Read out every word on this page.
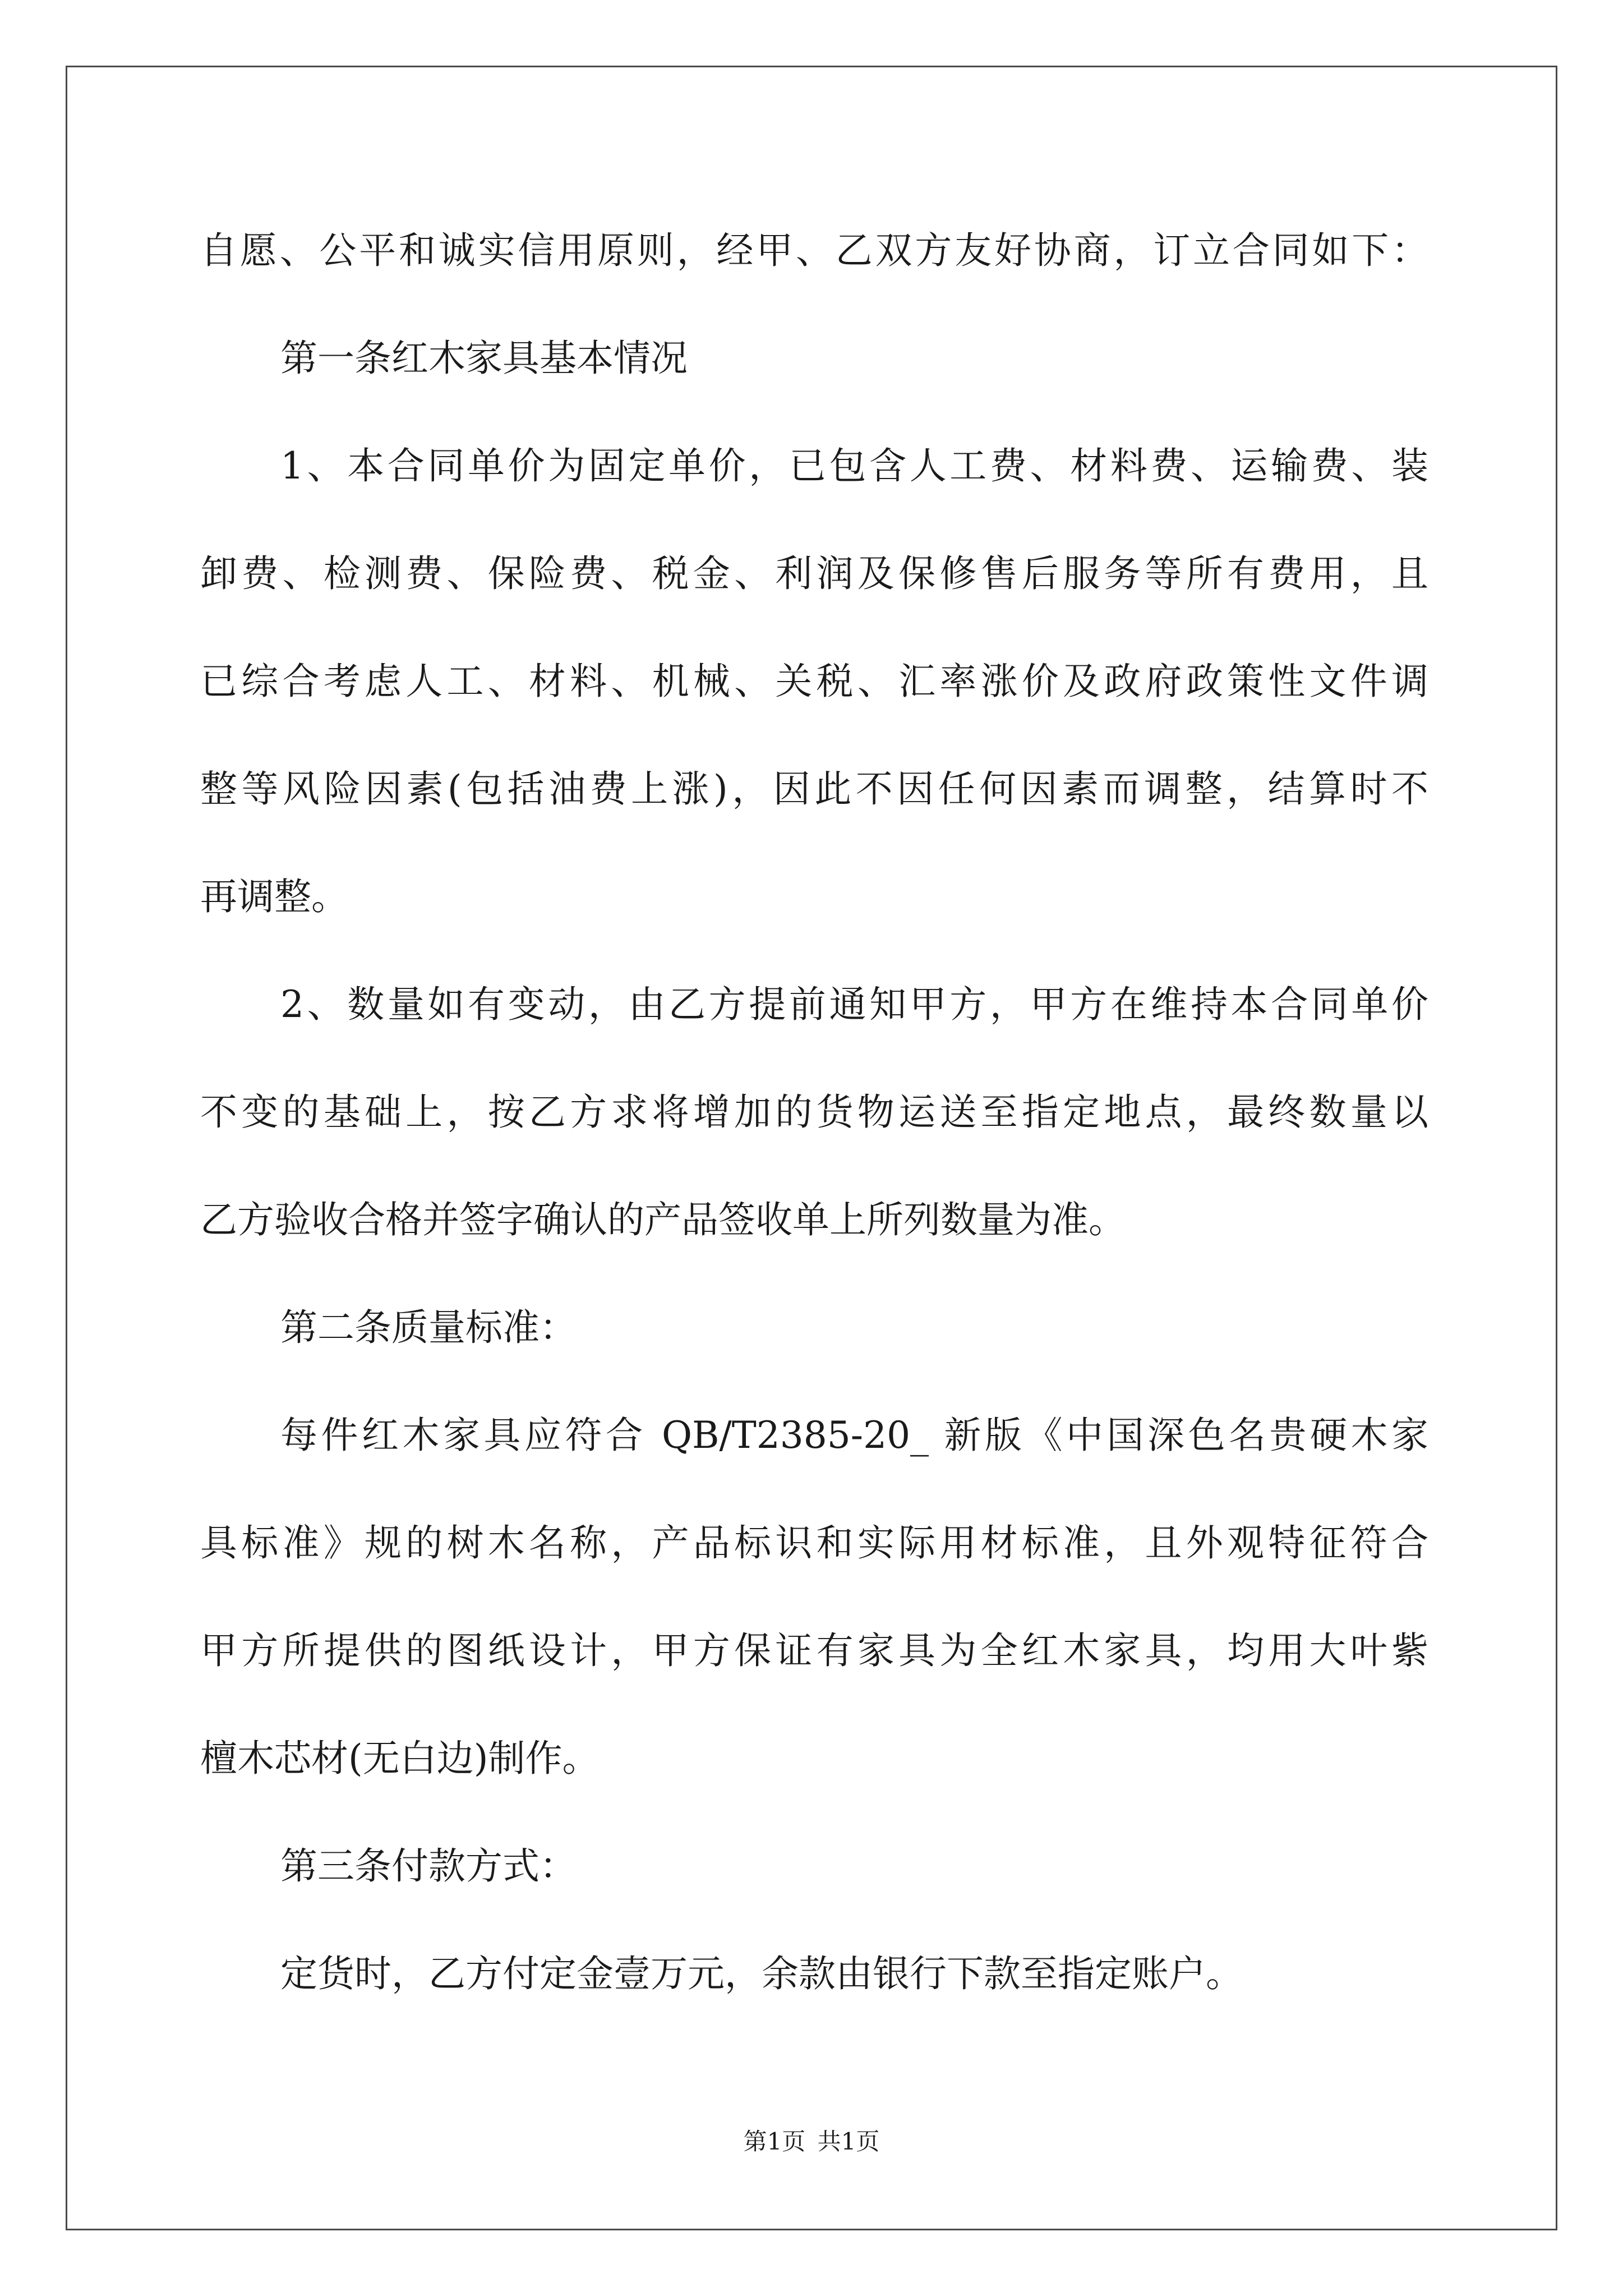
自愿、公平和诚实信用原则，经甲、乙双方友好协商，订立合同如下：
第一条红木家具基本情况
1、本合同单价为固定单价，已包含人工费、材料费、运输费、装
卸费、检测费、保险费、税金、利润及保修售后服务等所有费用，且
已综合考虑人工、材料、机械、关税、汇率涨价及政府政策性文件调
整等风险因素(包括油费上涨)，因此不因任何因素而调整，结算时不
再调整。
2、数量如有变动，由乙方提前通知甲方，甲方在维持本合同单价
不变的基础上，按乙方求将增加的货物运送至指定地点，最终数量以
乙方验收合格并签字确认的产品签收单上所列数量为准。
第二条质量标准：
每件红木家具应符合 QB/T2385-20_ 新版《中国深色名贵硬木家
具标准》规的树木名称，产品标识和实际用材标准，且外观特征符合
甲方所提供的图纸设计，甲方保证有家具为全红木家具，均用大叶紫
檀木芯材(无白边)制作。
第三条付款方式：
定货时，乙方付定金壹万元，余款由银行下款至指定账户。
第1页 共1页
